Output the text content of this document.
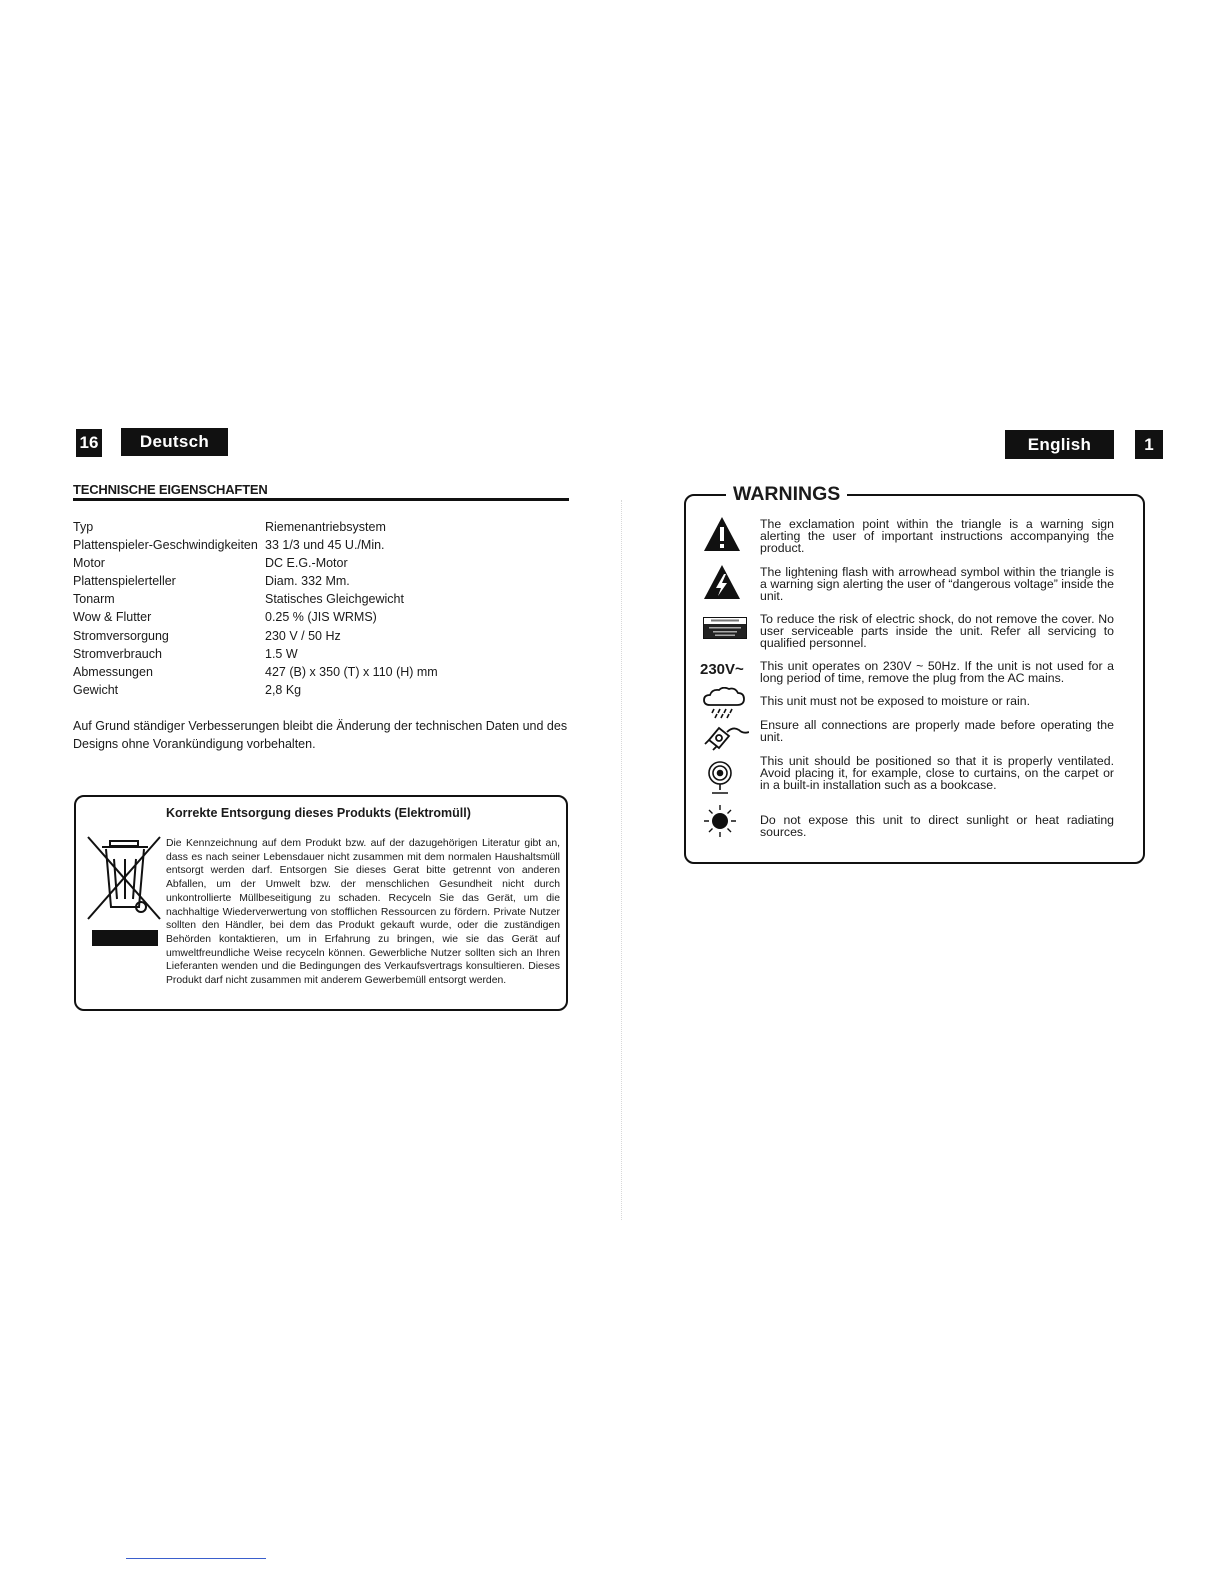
16	Deutsch
TECHNISCHE EIGENSCHAFTEN
Typ	Riemenantriebsystem
Plattenspieler-Geschwindigkeiten 33 1/3 und 45 U./Min.
Motor	DC E.G.-Motor
Plattenspielerteller	Diam. 332 Mm.
Tonarm	Statisches Gleichgewicht
Wow & Flutter	0.25 % (JIS WRMS)
Stromversorgung	230 V / 50 Hz
Stromverbrauch	1.5 W
Abmessungen	427 (B) x 350 (T) x 110 (H) mm
Gewicht	2,8 Kg
Auf Grund ständiger Verbesserungen bleibt die Änderung der technischen Daten und des Designs ohne Vorankündigung vorbehalten.
Korrekte Entsorgung dieses Produkts (Elektromüll)
Die Kennzeichnung auf dem Produkt bzw. auf der dazugehörigen Literatur gibt an, dass es nach seiner Lebensdauer nicht zusammen mit dem normalen Haushaltsmüll entsorgt werden darf. Entsorgen Sie dieses Gerat bitte getrennt von anderen Abfallen, um der Umwelt bzw. der menschlichen Gesundheit nicht durch unkontrollierte Müllbeseitigung zu schaden. Recyceln Sie das Gerät, um die nachhaltige Wiederverwertung von stofflichen Ressourcen zu fördern. Private Nutzer sollten den Händler, bei dem das Produkt gekauft wurde, oder die zuständigen Behörden kontaktieren, um in Erfahrung zu bringen, wie sie das Gerät auf umweltfreundliche Weise recyceln können. Gewerbliche Nutzer sollten sich an Ihren Lieferanten wenden und die Bedingungen des Verkaufsvertrags konsultieren. Dieses Produkt darf nicht zusammen mit anderem Gewerbemüll entsorgt werden.
English	1
WARNINGS
The exclamation point within the triangle is a warning sign alerting the user of important instructions accompanying the product.
The lightening flash with arrowhead symbol within the triangle is a warning sign alerting the user of “dangerous voltage” inside the unit.
To reduce the risk of electric shock, do not remove the cover. No user serviceable parts inside the unit. Refer all servicing to qualified personnel.
230V~ This unit operates on 230V ~ 50Hz. If the unit is not used for a long period of time, remove the plug from the AC mains.
This unit must not be exposed to moisture or rain.
Ensure all connections are properly made before operating the unit.
This unit should be positioned so that it is properly ventilated. Avoid placing it, for example, close to curtains, on the carpet or in a built-in installation such as a bookcase.
Do not expose this unit to direct sunlight or heat radiating sources.
